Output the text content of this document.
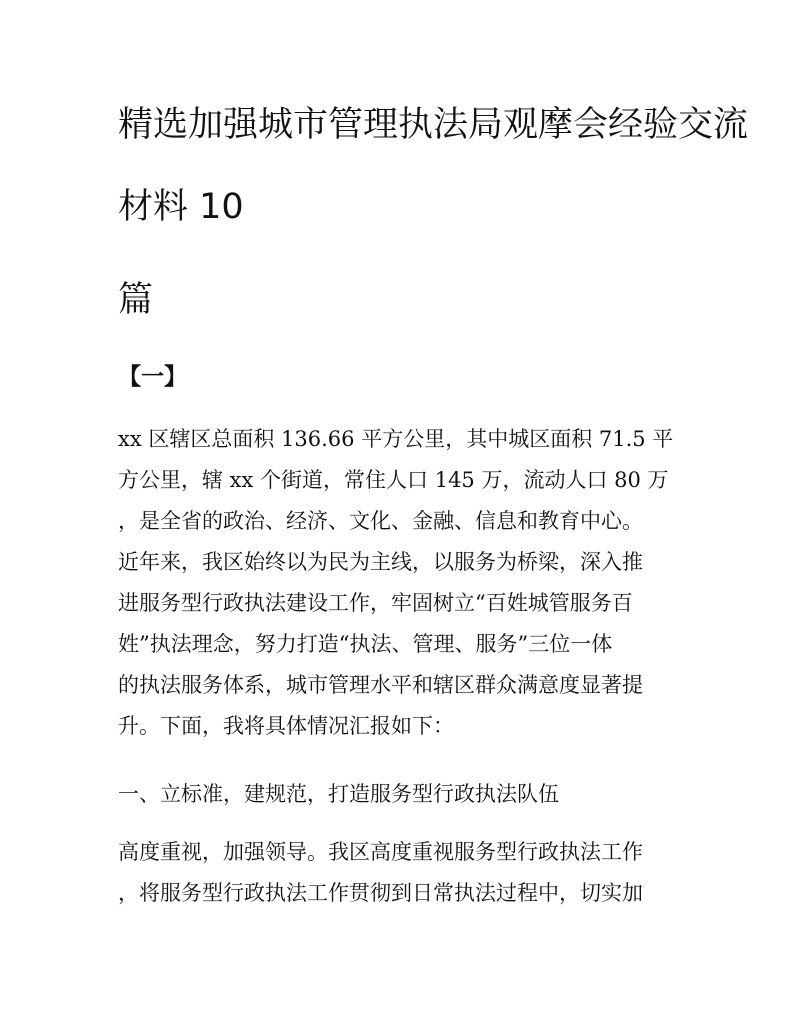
精选加强城市管理执法局观摩会经验交流
材料 10
篇
【一】
xx 区辖区总面积 136.66 平方公里，其中城区面积 71.5 平
方公里，辖 xx 个街道，常住人口 145 万，流动人口 80 万
，是全省的政治、经济、文化、金融、信息和教育中心。
近年来，我区始终以为民为主线，以服务为桥梁，深入推
进服务型行政执法建设工作，牢固树立“百姓城管服务百
姓”执法理念，努力打造“执法、管理、服务”三位一体
的执法服务体系，城市管理水平和辖区群众满意度显著提
升。下面，我将具体情况汇报如下：
一、立标准，建规范，打造服务型行政执法队伍
高度重视，加强领导。我区高度重视服务型行政执法工作
，将服务型行政执法工作贯彻到日常执法过程中，切实加
